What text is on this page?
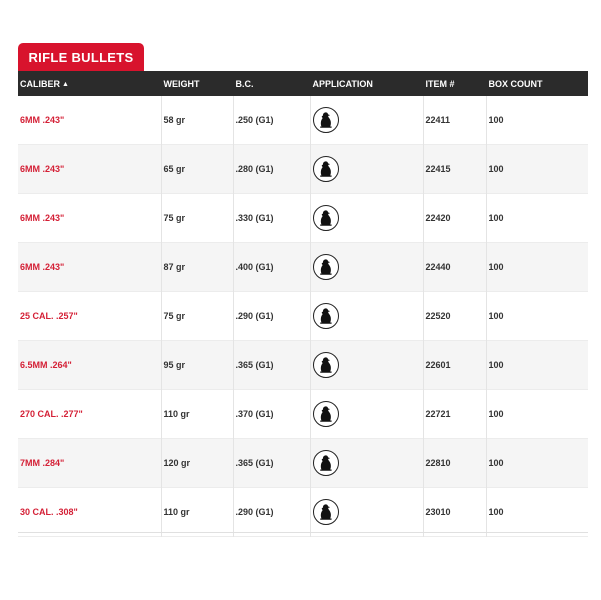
RIFLE BULLETS
CALIBER ▲	WEIGHT	B.C.	APPLICATION	ITEM #	BOX COUNT
6MM .243"	58 gr	.250 (G1)		22411	100
6MM .243"	65 gr	.280 (G1)		22415	100
6MM .243"	75 gr	.330 (G1)		22420	100
6MM .243"	87 gr	.400 (G1)		22440	100
25 CAL. .257"	75 gr	.290 (G1)		22520	100
6.5MM .264"	95 gr	.365 (G1)		22601	100
270 CAL. .277"	110 gr	.370 (G1)		22721	100
7MM .284"	120 gr	.365 (G1)		22810	100
30 CAL. .308"	110 gr	.290 (G1)		23010	100
